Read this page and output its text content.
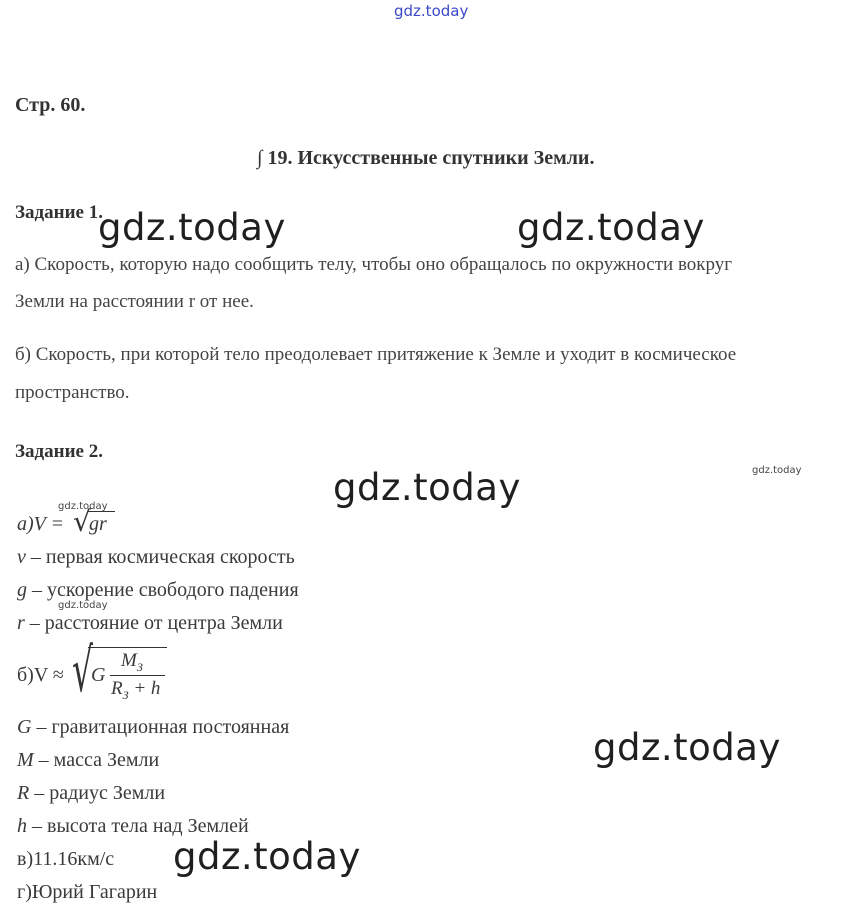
gdz.today
gdz.today	gdz.today
gdz.today
gdz.today
gdz.today
gdz.today
gdz.today
gdz.today
Стр. 60.
∫ 19. Искусственные спутники Земли.
Задание 1.
а) Скорость, которую надо сообщить телу, чтобы оно обращалось по окружности вокруг
Земли на расстоянии r от нее.
б) Скорость, при которой тело преодолевает притяжение к Земле и уходит в космическое
пространство.
Задание 2.
a)V = √
gr
v – первая космическая скорость
g – ускорение свободого падения
r – расстояние от центра Земли
б)V ≈ √
G
$M_З$
$R_З + h$
G – гравитационная постоянная
M – масса Земли
R – радиус Земли
h – высота тела над Землей
в)11.16км/с
г)Юрий Гагарин
